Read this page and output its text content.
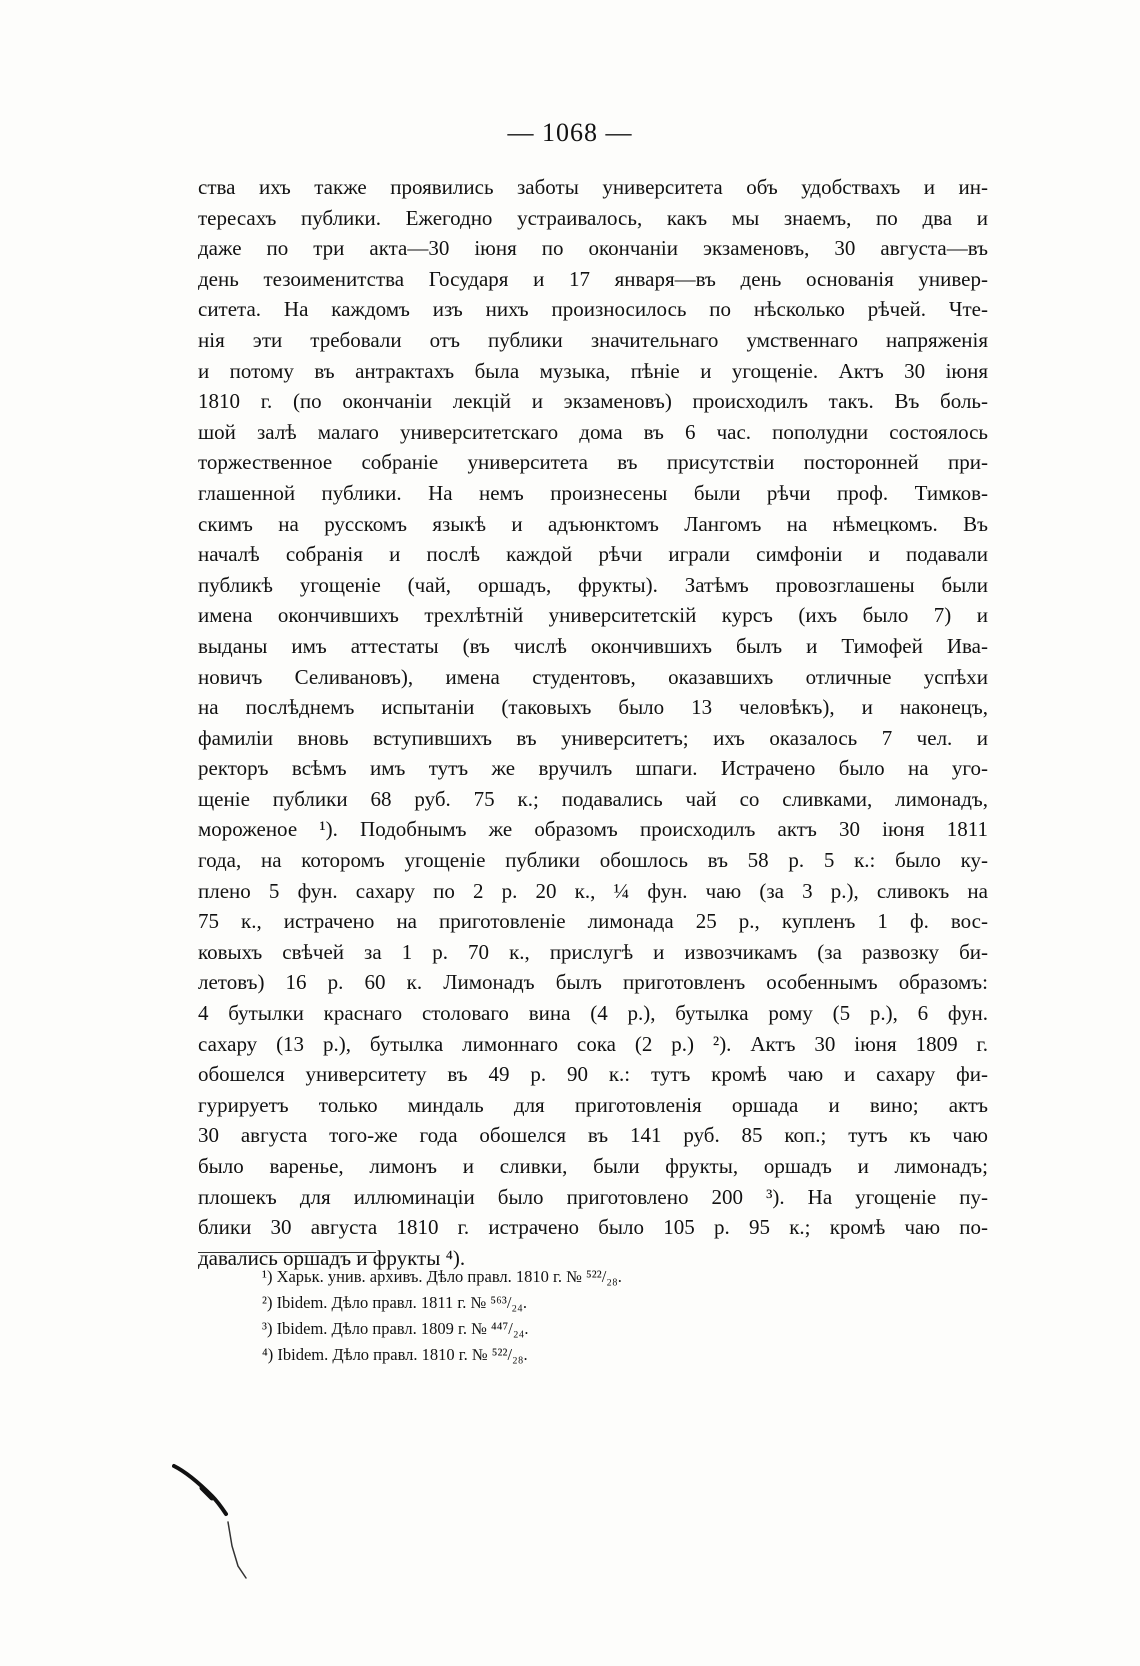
— 1068 —
ства ихъ также проявились заботы университета объ удобствахъ и ин-
тересахъ публики. Ежегодно устраивалось, какъ мы знаемъ, по два и
даже по три акта—30 іюня по окончаніи экзаменовъ, 30 августа—въ
день тезоименитства Государя и 17 января—въ день основанія универ-
ситета. На каждомъ изъ нихъ произносилось по нѣсколько рѣчей. Чте-
нія эти требовали отъ публики значительнаго умственнаго напряженія
и потому въ антрактахъ была музыка, пѣніе и угощеніе. Актъ 30 іюня
1810 г. (по окончаніи лекцій и экзаменовъ) происходилъ такъ. Въ боль-
шой залѣ малаго университетскаго дома въ 6 час. пополудни состоялось
торжественное собраніе университета въ присутствіи посторонней при-
глашенной публики. На немъ произнесены были рѣчи проф. Тимков-
скимъ на русскомъ языкѣ и адъюнктомъ Лангомъ на нѣмецкомъ. Въ
началѣ собранія и послѣ каждой рѣчи играли симфоніи и подавали
публикѣ угощеніе (чай, оршадъ, фрукты). Затѣмъ провозглашены были
имена окончившихъ трехлѣтній университетскій курсъ (ихъ было 7) и
выданы имъ аттестаты (въ числѣ окончившихъ былъ и Тимофей Ива-
новичъ Селивановъ), имена студентовъ, оказавшихъ отличные успѣхи
на послѣднемъ испытаніи (таковыхъ было 13 человѣкъ), и наконецъ,
фамиліи вновь вступившихъ въ университетъ; ихъ оказалось 7 чел. и
ректоръ всѣмъ имъ тутъ же вручилъ шпаги. Истрачено было на уго-
щеніе публики 68 руб. 75 к.; подавались чай со сливками, лимонадъ,
мороженое ¹). Подобнымъ же образомъ происходилъ актъ 30 іюня 1811
года, на которомъ угощеніе публики обошлось въ 58 р. 5 к.: было ку-
плено 5 фун. сахару по 2 р. 20 к., ¼ фун. чаю (за 3 р.), сливокъ на
75 к., истрачено на приготовленіе лимонада 25 р., купленъ 1 ф. вос-
ковыхъ свѣчей за 1 р. 70 к., прислугѣ и извозчикамъ (за развозку би-
летовъ) 16 р. 60 к. Лимонадъ былъ приготовленъ особеннымъ образомъ:
4 бутылки краснаго столоваго вина (4 р.), бутылка рому (5 р.), 6 фун.
сахару (13 р.), бутылка лимоннаго сока (2 р.) ²). Актъ 30 іюня 1809 г.
обошелся университету въ 49 р. 90 к.: тутъ кромѣ чаю и сахару фи-
гурируетъ только миндаль для приготовленія оршада и вино; актъ
30 августа того-же года обошелся въ 141 руб. 85 коп.; тутъ къ чаю
было варенье, лимонъ и сливки, были фрукты, оршадъ и лимонадъ;
плошекъ для иллюминаціи было приготовлено 200 ³). На угощеніе пу-
блики 30 августа 1810 г. истрачено было 105 р. 95 к.; кромѣ чаю по-
давались оршадъ и фрукты ⁴).
¹) Харьк. унив. архивъ. Дѣло правл. 1810 г. № ⁵²²/₂₈.
²) Ibidem. Дѣло правл. 1811 г. № ⁵⁶³/₂₄.
³) Ibidem. Дѣло правл. 1809 г. № ⁴⁴⁷/₂₄.
⁴) Ibidem. Дѣло правл. 1810 г. № ⁵²²/₂₈.
